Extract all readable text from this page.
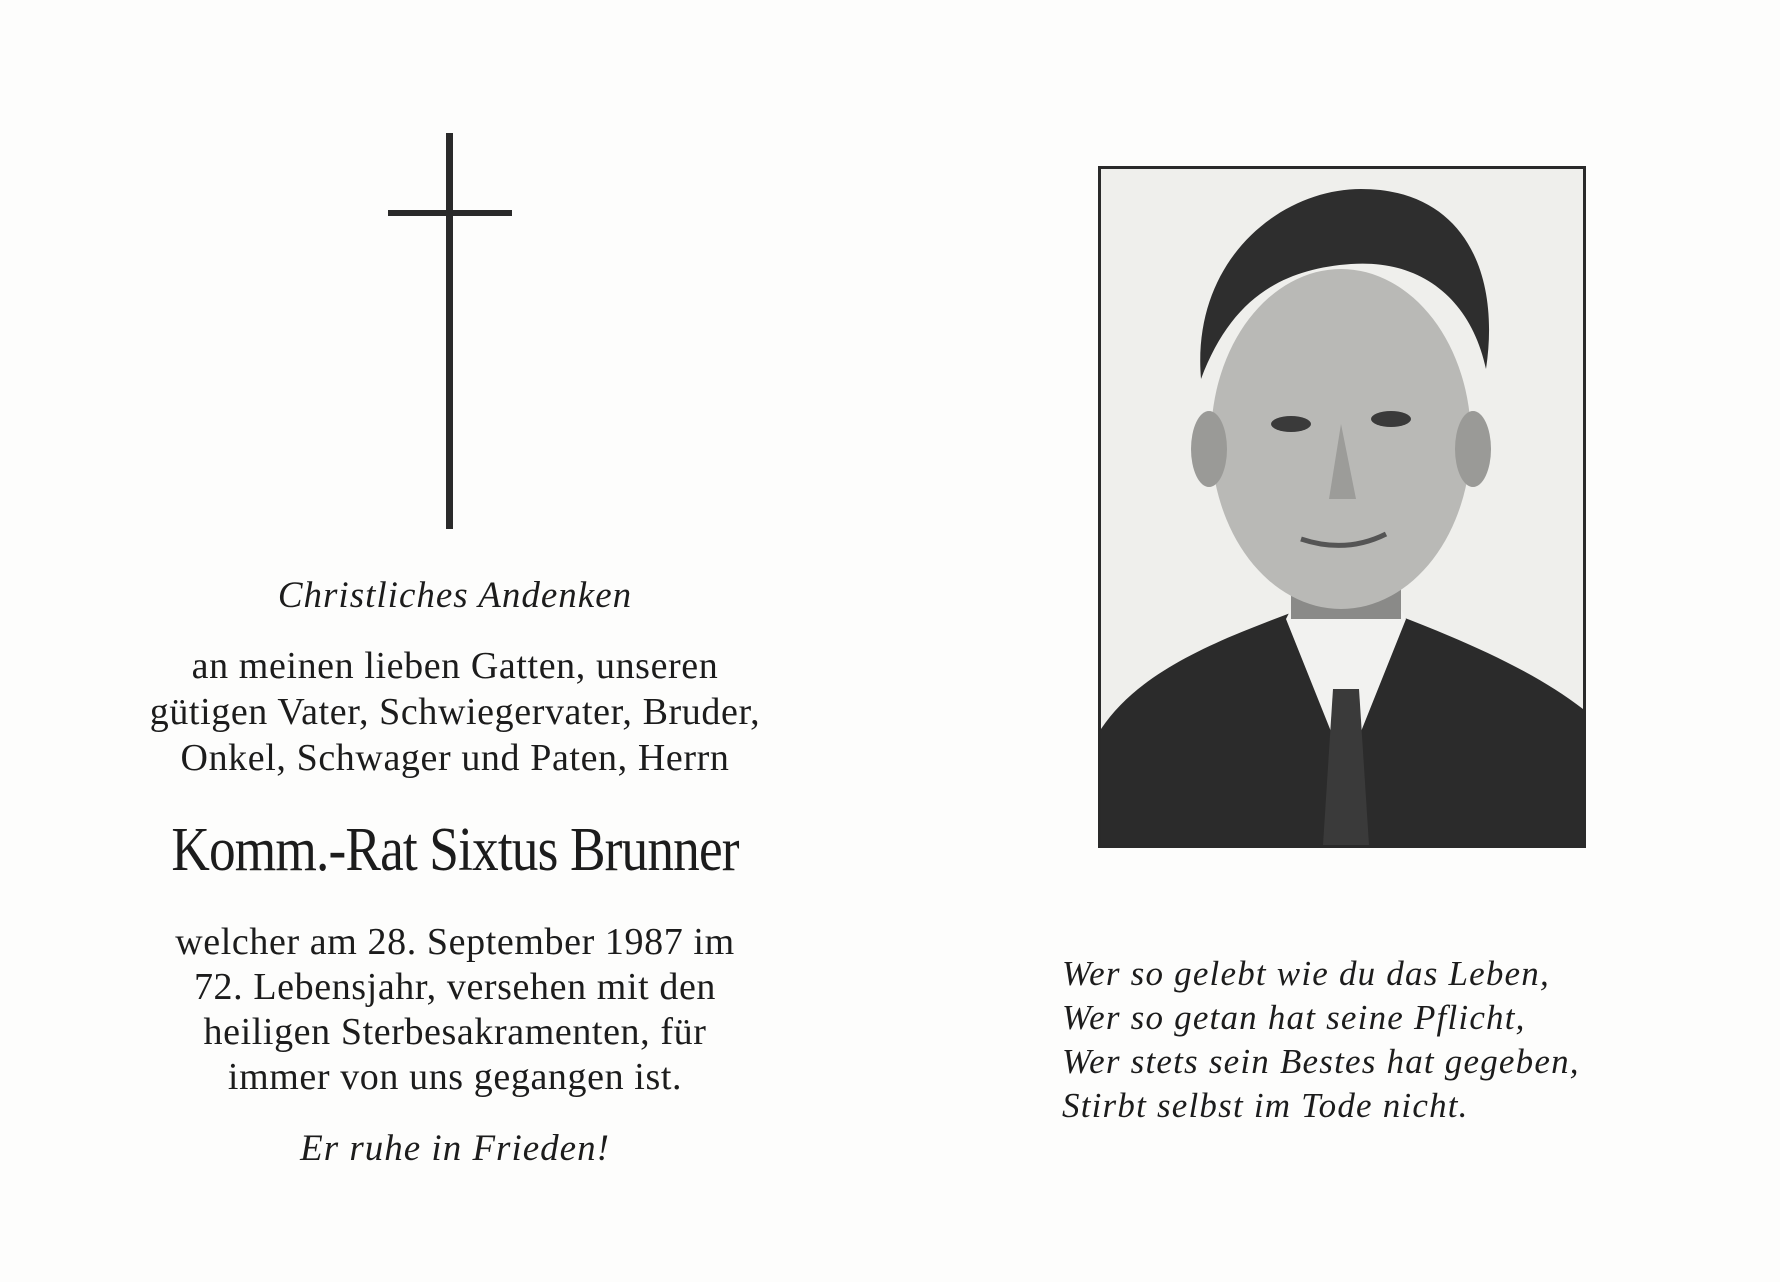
Christliches Andenken
an meinen lieben Gatten, unseren
gütigen Vater, Schwiegervater, Bruder,
Onkel, Schwager und Paten, Herrn
Komm.-Rat Sixtus Brunner
welcher am 28. September 1987 im
72. Lebensjahr, versehen mit den
heiligen Sterbesakramenten, für
immer von uns gegangen ist.
Er ruhe in Frieden!
Wer so gelebt wie du das Leben,
Wer so getan hat seine Pflicht,
Wer stets sein Bestes hat gegeben,
Stirbt selbst im Tode nicht.
